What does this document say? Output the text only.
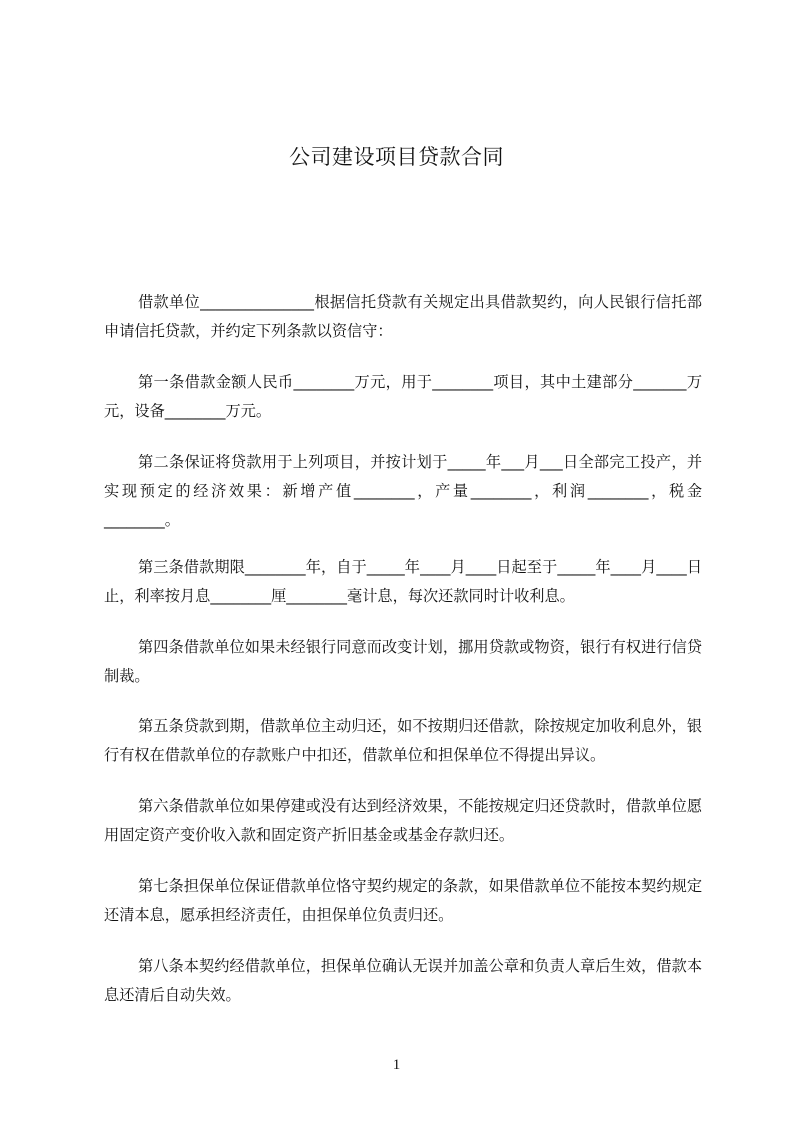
公司建设项目贷款合同

借款单位_______________根据信托贷款有关规定出具借款契约，向人民银行信托部申请信托贷款，并约定下列条款以资信守：

第一条借款金额人民币________万元，用于________项目，其中土建部分_______万元，设备________万元。

第二条保证将贷款用于上列项目，并按计划于_____年___月___日全部完工投产，并实现预定的经济效果：新增产值________，产量________，利润________，税金________。

第三条借款期限________年，自于_____年____月____日起至于_____年____月____日止，利率按月息________厘________毫计息，每次还款同时计收利息。

第四条借款单位如果未经银行同意而改变计划，挪用贷款或物资，银行有权进行信贷制裁。

第五条贷款到期，借款单位主动归还，如不按期归还借款，除按规定加收利息外，银行有权在借款单位的存款账户中扣还，借款单位和担保单位不得提出异议。

第六条借款单位如果停建或没有达到经济效果，不能按规定归还贷款时，借款单位愿用固定资产变价收入款和固定资产折旧基金或基金存款归还。

第七条担保单位保证借款单位恪守契约规定的条款，如果借款单位不能按本契约规定还清本息，愿承担经济责任，由担保单位负责归还。

第八条本契约经借款单位，担保单位确认无误并加盖公章和负责人章后生效，借款本息还清后自动失效。

1
